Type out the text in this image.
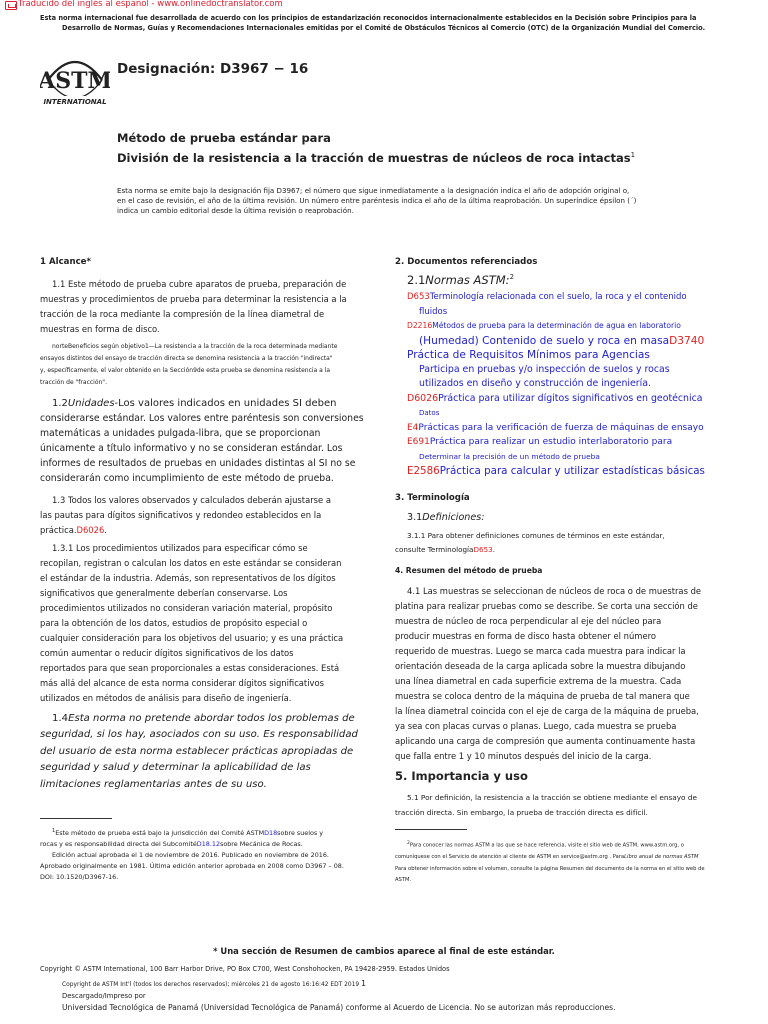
Traducido del inglés al español - www.onlinedoctranslator.com
Esta norma internacional fue desarrollada de acuerdo con los principios de estandarización reconocidos internacionalmente establecidos en la Decisión sobre Principios para la
Desarrollo de Normas, Guías y Recomendaciones Internacionales emitidas por el Comité de Obstáculos Técnicos al Comercio (OTC) de la Organización Mundial del Comercio.
ASTM
INTERNATIONAL
Designación: D3967 − 16
Método de prueba estándar para
División de la resistencia a la tracción de muestras de núcleos de roca intactas$^1$
Esta norma se emite bajo la designación fija D3967; el número que sigue inmediatamente a la designación indica el año de adopción original o,
en el caso de revisión, el año de la última revisión. Un número entre paréntesis indica el año de la última reaprobación. Un superíndice épsilon (´)
indica un cambio editorial desde la última revisión o reaprobación.
1 Alcance*
1.1 Este método de prueba cubre aparatos de prueba, preparación de
muestras y procedimientos de prueba para determinar la resistencia a la
tracción de la roca mediante la compresión de la línea diametral de
muestras en forma de disco.
norteBeneficios según objetivo1—La resistencia a la tracción de la roca determinada mediante
ensayos distintos del ensayo de tracción directa se denomina resistencia a la tracción "indirecta"
y, específicamente, el valor obtenido en la Sección9de esta prueba se denomina resistencia a la
tracción de "fracción".
1.2Unidades-Los valores indicados en unidades SI deben
considerarse estándar. Los valores entre paréntesis son conversiones
matemáticas a unidades pulgada-libra, que se proporcionan
únicamente a título informativo y no se consideran estándar. Los
informes de resultados de pruebas en unidades distintas al SI no se
considerarán como incumplimiento de este método de prueba.
1.3 Todos los valores observados y calculados deberán ajustarse a
las pautas para dígitos significativos y redondeo establecidos en la
práctica.D6026.
1.3.1 Los procedimientos utilizados para especificar cómo se
recopilan, registran o calculan los datos en este estándar se consideran
el estándar de la industria. Además, son representativos de los dígitos
significativos que generalmente deberían conservarse. Los
procedimientos utilizados no consideran variación material, propósito
para la obtención de los datos, estudios de propósito especial o
cualquier consideración para los objetivos del usuario; y es una práctica
común aumentar o reducir dígitos significativos de los datos
reportados para que sean proporcionales a estas consideraciones. Está
más allá del alcance de esta norma considerar dígitos significativos
utilizados en métodos de análisis para diseño de ingeniería.
1.4Esta norma no pretende abordar todos los problemas de
seguridad, si los hay, asociados con su uso. Es responsabilidad
del usuario de esta norma establecer prácticas apropiadas de
seguridad y salud y determinar la aplicabilidad de las
limitaciones reglamentarias antes de su uso.
$^1$Este método de prueba está bajo la jurisdicción del Comité ASTMD18sobre suelos y
rocas y es responsabilidad directa del SubcomitéD18.12sobre Mecánica de Rocas.
Edición actual aprobada el 1 de noviembre de 2016. Publicado en noviembre de 2016.
Aprobado originalmente en 1981. Última edición anterior aprobada en 2008 como D3967 – 08.
DOI: 10.1520/D3967-16.
2. Documentos referenciados
2.1Normas ASTM:$^2$
D653Terminología relacionada con el suelo, la roca y el contenido
fluidos
D2216Métodos de prueba para la determinación de agua en laboratorio
(Humedad) Contenido de suelo y roca en masaD3740
Práctica de Requisitos Mínimos para Agencias
Participa en pruebas y/o inspección de suelos y rocas
utilizados en diseño y construcción de ingeniería.
D6026Práctica para utilizar dígitos significativos en geotécnica
Datos
E4Prácticas para la verificación de fuerza de máquinas de ensayo
E691Práctica para realizar un estudio interlaboratorio para
Determinar la precisión de un método de prueba
E2586Práctica para calcular y utilizar estadísticas básicas
3. Terminología
3.1Definiciones:
3.1.1 Para obtener definiciones comunes de términos en este estándar,
consulte TerminologíaD653.
4. Resumen del método de prueba
4.1 Las muestras se seleccionan de núcleos de roca o de muestras de
platina para realizar pruebas como se describe. Se corta una sección de
muestra de núcleo de roca perpendicular al eje del núcleo para
producir muestras en forma de disco hasta obtener el número
requerido de muestras. Luego se marca cada muestra para indicar la
orientación deseada de la carga aplicada sobre la muestra dibujando
una línea diametral en cada superficie extrema de la muestra. Cada
muestra se coloca dentro de la máquina de prueba de tal manera que
la línea diametral coincida con el eje de carga de la máquina de prueba,
ya sea con placas curvas o planas. Luego, cada muestra se prueba
aplicando una carga de compresión que aumenta continuamente hasta
que falla entre 1 y 10 minutos después del inicio de la carga.
5. Importancia y uso
5.1 Por definición, la resistencia a la tracción se obtiene mediante el ensayo de
tracción directa. Sin embargo, la prueba de tracción directa es difícil.
$^2$Para conocer las normas ASTM a las que se hace referencia, visite el sitio web de ASTM, www.astm.org, o
comuníquese con el Servicio de atención al cliente de ASTM en service@astm.org . ParaLibro anual de normas ASTM
Para obtener información sobre el volumen, consulte la página Resumen del documento de la norma en el sitio web de
ASTM.
* Una sección de Resumen de cambios aparece al final de este estándar.
Copyright © ASTM International, 100 Barr Harbor Drive, PO Box C700, West Conshohocken, PA 19428-2959. Estados Unidos
Copyright de ASTM Int'l (todos los derechos reservados); miércoles 21 de agosto 16:16:42 EDT 2019 1
Descargado/Impreso por
Universidad Tecnológica de Panamá (Universidad Tecnológica de Panamá) conforme al Acuerdo de Licencia. No se autorizan más reproducciones.
